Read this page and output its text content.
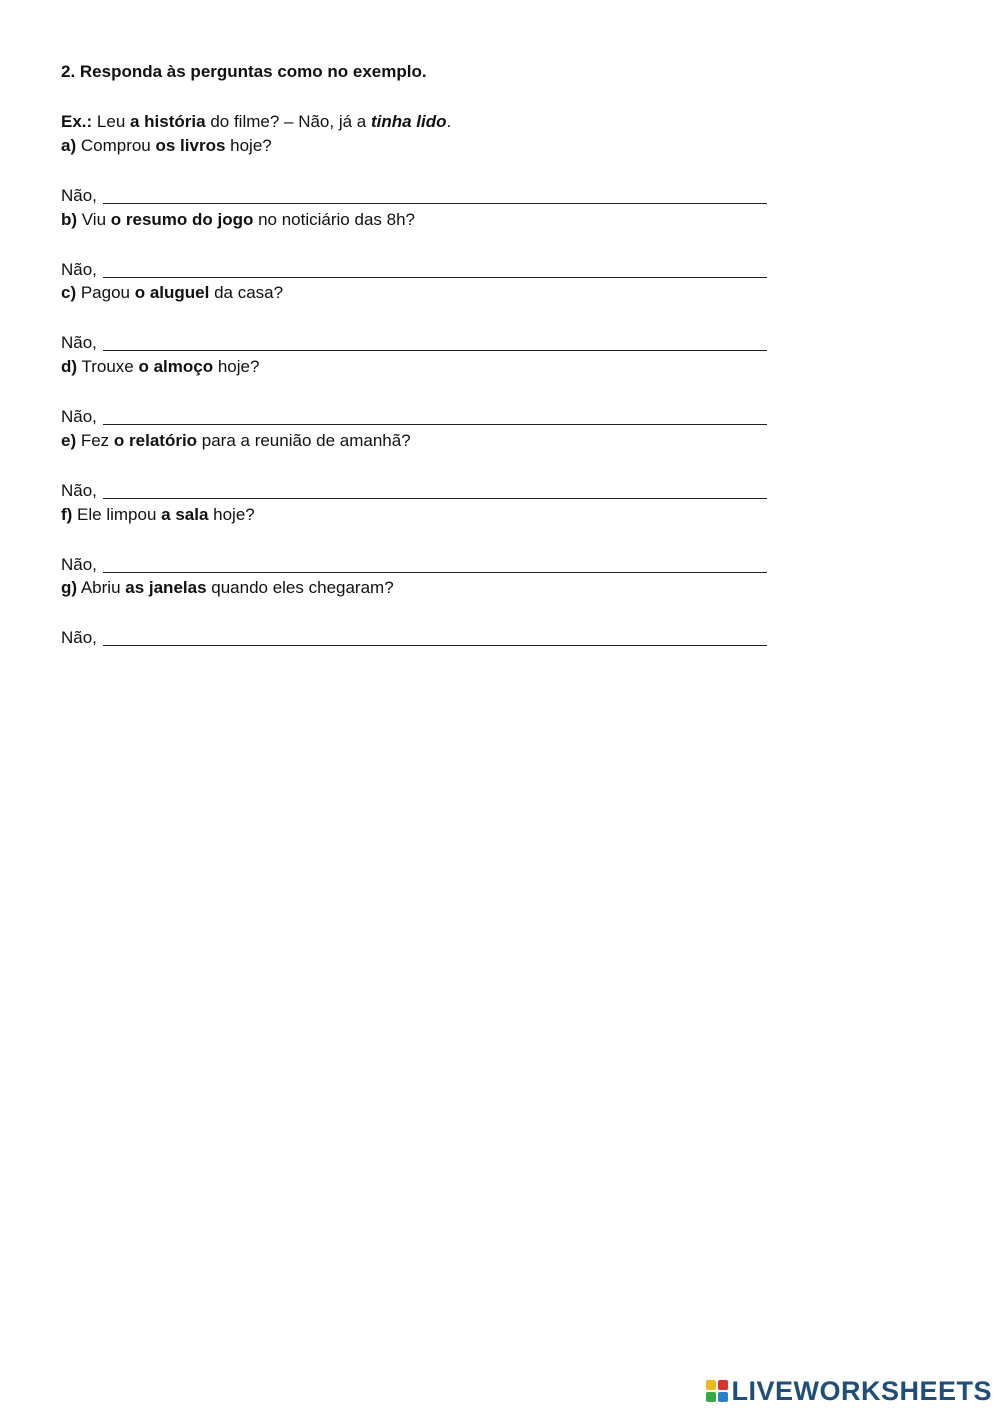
2. Responda às perguntas como no exemplo.
Ex.: Leu a história do filme? – Não, já a tinha lido.
a) Comprou os livros hoje?
Não,
b) Viu o resumo do jogo no noticiário das 8h?
Não,
c) Pagou o aluguel da casa?
Não,
d) Trouxe o almoço hoje?
Não,
e) Fez o relatório para a reunião de amanhã?
Não,
f) Ele limpou a sala hoje?
Não,
g) Abriu as janelas quando eles chegaram?
Não,
LIVEWORKSHEETS
